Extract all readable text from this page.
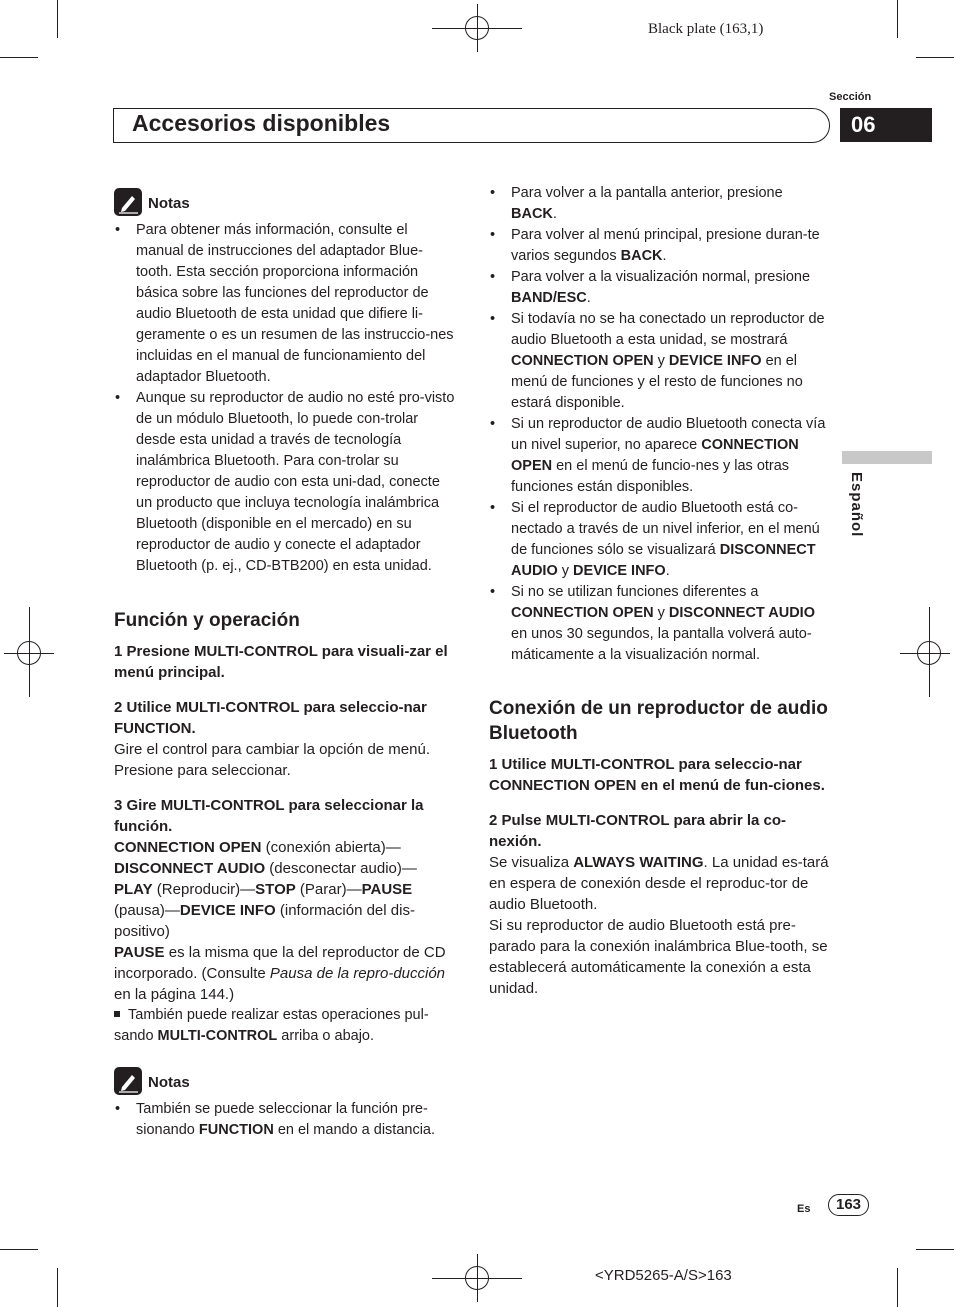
Black plate (163,1)
Accesorios disponibles
Sección
06
Español
Notas
• Para obtener más información, consulte el manual de instrucciones del adaptador Blue-tooth. Esta sección proporciona información básica sobre las funciones del reproductor de audio Bluetooth de esta unidad que difiere li-geramente o es un resumen de las instruccio-nes incluidas en el manual de funcionamiento del adaptador Bluetooth.
• Aunque su reproductor de audio no esté pro-visto de un módulo Bluetooth, lo puede con-trolar desde esta unidad a través de tecnología inalámbrica Bluetooth. Para con-trolar su reproductor de audio con esta uni-dad, conecte un producto que incluya tecnología inalámbrica Bluetooth (disponible en el mercado) en su reproductor de audio y conecte el adaptador Bluetooth (p. ej., CD-BTB200) en esta unidad.
Función y operación

1 Presione MULTI-CONTROL para visuali-zar el menú principal.

2 Utilice MULTI-CONTROL para seleccio-nar FUNCTION.

Gire el control para cambiar la opción de menú. Presione para seleccionar.

3 Gire MULTI-CONTROL para seleccionar la función.

CONNECTION OPEN (conexión abierta)—
DISCONNECT AUDIO (desconectar audio)—
PLAY (Reproducir)—STOP (Parar)—PAUSE
(pausa)—DEVICE INFO (información del dis-positivo)

PAUSE es la misma que la del reproductor de CD incorporado. (Consulte Pausa de la repro-ducción en la página 144.)

También puede realizar estas operaciones pul-sando MULTI-CONTROL arriba o abajo.
Notas
• También se puede seleccionar la función pre-sionando FUNCTION en el mando a distancia.
• Para volver a la pantalla anterior, presione BACK.
• Para volver al menú principal, presione duran-te varios segundos BACK.
• Para volver a la visualización normal, presione BAND/ESC.
• Si todavía no se ha conectado un reproductor de audio Bluetooth a esta unidad, se mostrará CONNECTION OPEN y DEVICE INFO en el menú de funciones y el resto de funciones no estará disponible.
• Si un reproductor de audio Bluetooth conecta vía un nivel superior, no aparece CONNECTION OPEN en el menú de funcio-nes y las otras funciones están disponibles.
• Si el reproductor de audio Bluetooth está co-nectado a través de un nivel inferior, en el menú de funciones sólo se visualizará DISCONNECT AUDIO y DEVICE INFO.
• Si no se utilizan funciones diferentes a CONNECTION OPEN y DISCONNECT AUDIO en unos 30 segundos, la pantalla volverá auto-máticamente a la visualización normal.
Conexión de un reproductor de audio Bluetooth

1 Utilice MULTI-CONTROL para seleccio-nar CONNECTION OPEN en el menú de fun-ciones.

2 Pulse MULTI-CONTROL para abrir la co-nexión.

Se visualiza ALWAYS WAITING. La unidad es-tará en espera de conexión desde el reproduc-tor de audio Bluetooth.

Si su reproductor de audio Bluetooth está pre-parado para la conexión inalámbrica Blue-tooth, se establecerá automáticamente la conexión a esta unidad.

Es	163
<YRD5265-A/S>163
